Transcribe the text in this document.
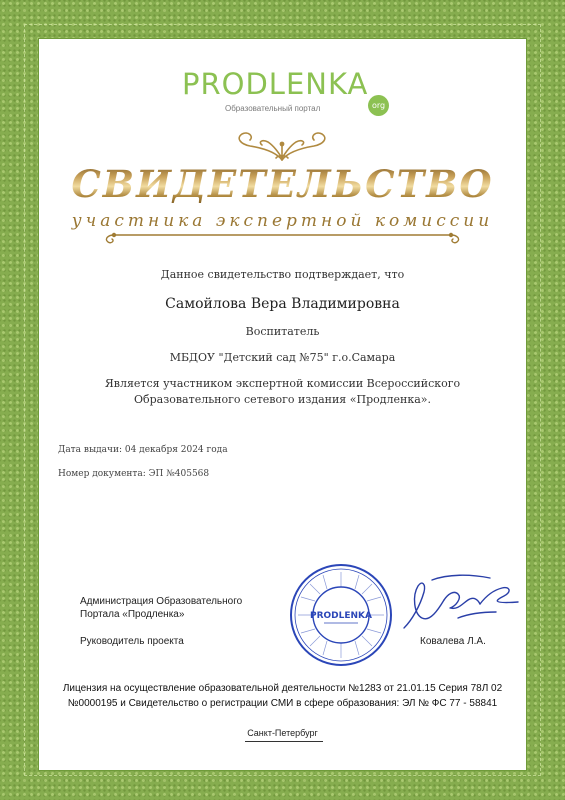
PRODLENKA
org
Образовательный портал
СВИДЕТЕЛЬСТВО
участника экспертной комиссии
Данное свидетельство подтверждает, что
Самойлова Вера Владимировна
Воспитатель
МБДОУ "Детский сад №75" г.о.Самара
Является участником экспертной комиссии Всероссийского Образовательного сетевого издания «Продленка».
Дата выдачи: 04 декабря 2024 года
Номер документа: ЭП №405568
Администрация Образовательного Портала «Продленка»
Руководитель проекта
PRODLENKA
Ковалева Л.А.
Лицензия на осуществление образовательной деятельности №1283 от 21.01.15 Серия 78Л 02 №0000195 и Свидетельство о регистрации СМИ в сфере образования: ЭЛ № ФС 77 - 58841
Санкт-Петербург
